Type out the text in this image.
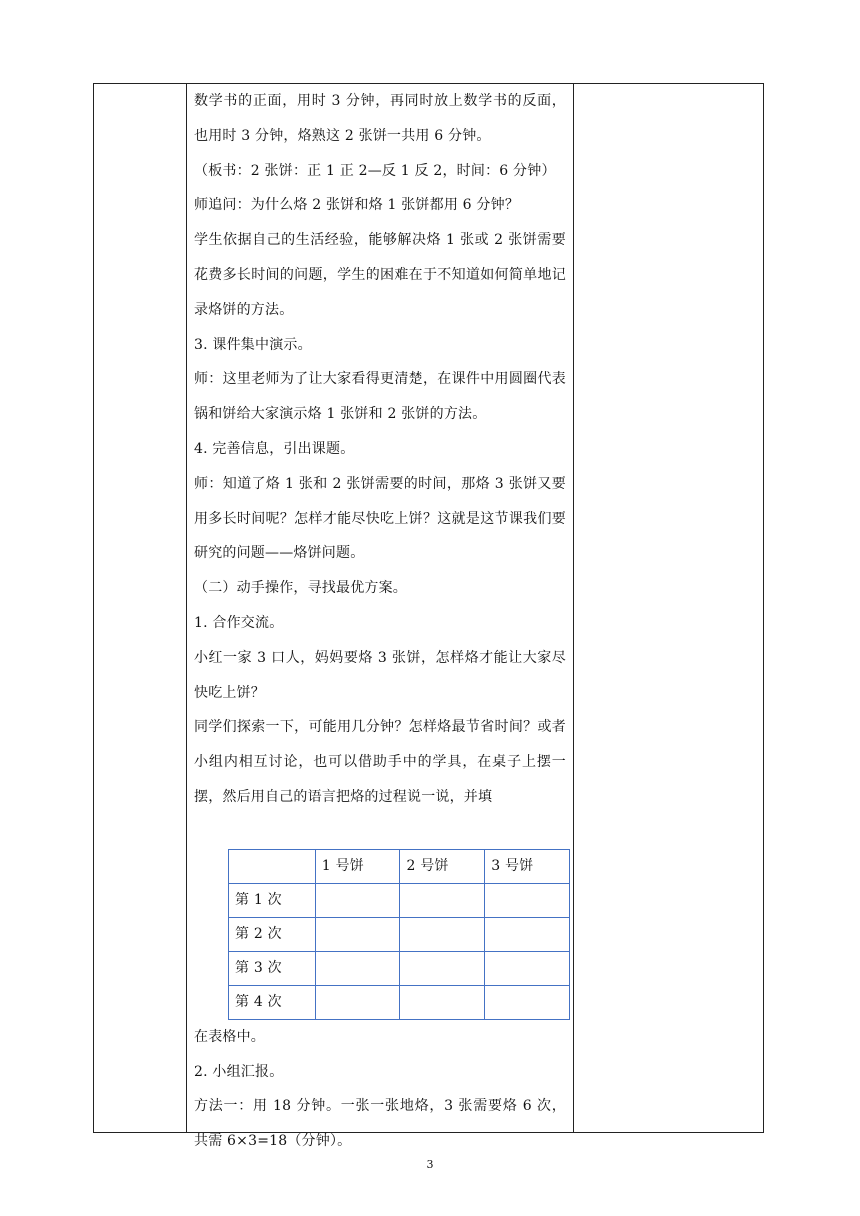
数学书的正面，用时 3 分钟，再同时放上数学书的反面，也用时 3 分钟，烙熟这 2 张饼一共用 6 分钟。

（板书：2 张饼：正 1 正 2—反 1 反 2，时间：6 分钟）

师追问：为什么烙 2 张饼和烙 1 张饼都用 6 分钟？

学生依据自己的生活经验，能够解决烙 1 张或 2 张饼需要花费多长时间的问题，学生的困难在于不知道如何简单地记录烙饼的方法。

3. 课件集中演示。

师：这里老师为了让大家看得更清楚，在课件中用圆圈代表锅和饼给大家演示烙 1 张饼和 2 张饼的方法。

4. 完善信息，引出课题。

师：知道了烙 1 张和 2 张饼需要的时间，那烙 3 张饼又要用多长时间呢？怎样才能尽快吃上饼？这就是这节课我们要研究的问题——烙饼问题。

（二）动手操作，寻找最优方案。

1. 合作交流。

小红一家 3 口人，妈妈要烙 3 张饼，怎样烙才能让大家尽快吃上饼？

同学们探索一下，可能用几分钟？怎样烙最节省时间？或者小组内相互讨论，也可以借助手中的学具，在桌子上摆一摆，然后用自己的语言把烙的过程说一说，并填

	1 号饼	2 号饼	3 号饼
第 1 次			
第 2 次			
第 3 次			
第 4 次			

在表格中。

2. 小组汇报。

方法一：用 18 分钟。一张一张地烙，3 张需要烙 6 次，共需 6×3=18（分钟）。

3
